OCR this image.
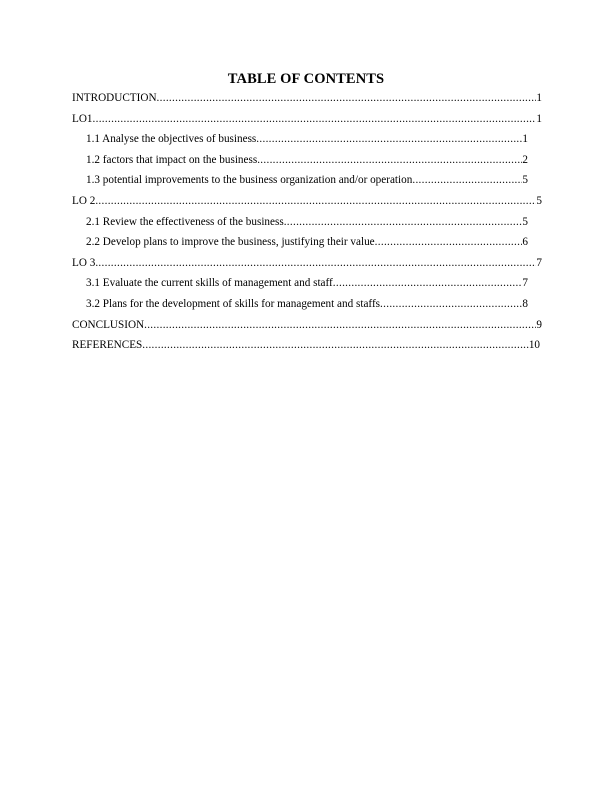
TABLE OF CONTENTS
INTRODUCTION .....	1
LO1 .....	1
1.1 Analyse the objectives of business .....	1
1.2 factors that impact on the business .....	2
1.3 potential improvements to the business organization and/or operation .....	5
LO 2 .....	5
2.1 Review the effectiveness of the business .....	5
2.2 Develop plans to improve the business, justifying their value .....	6
LO 3 .....	7
3.1 Evaluate the current skills of management and staff .....	7
3.2 Plans for the development of skills for management and staffs .....	8
CONCLUSION .....	9
REFERENCES .....	10
